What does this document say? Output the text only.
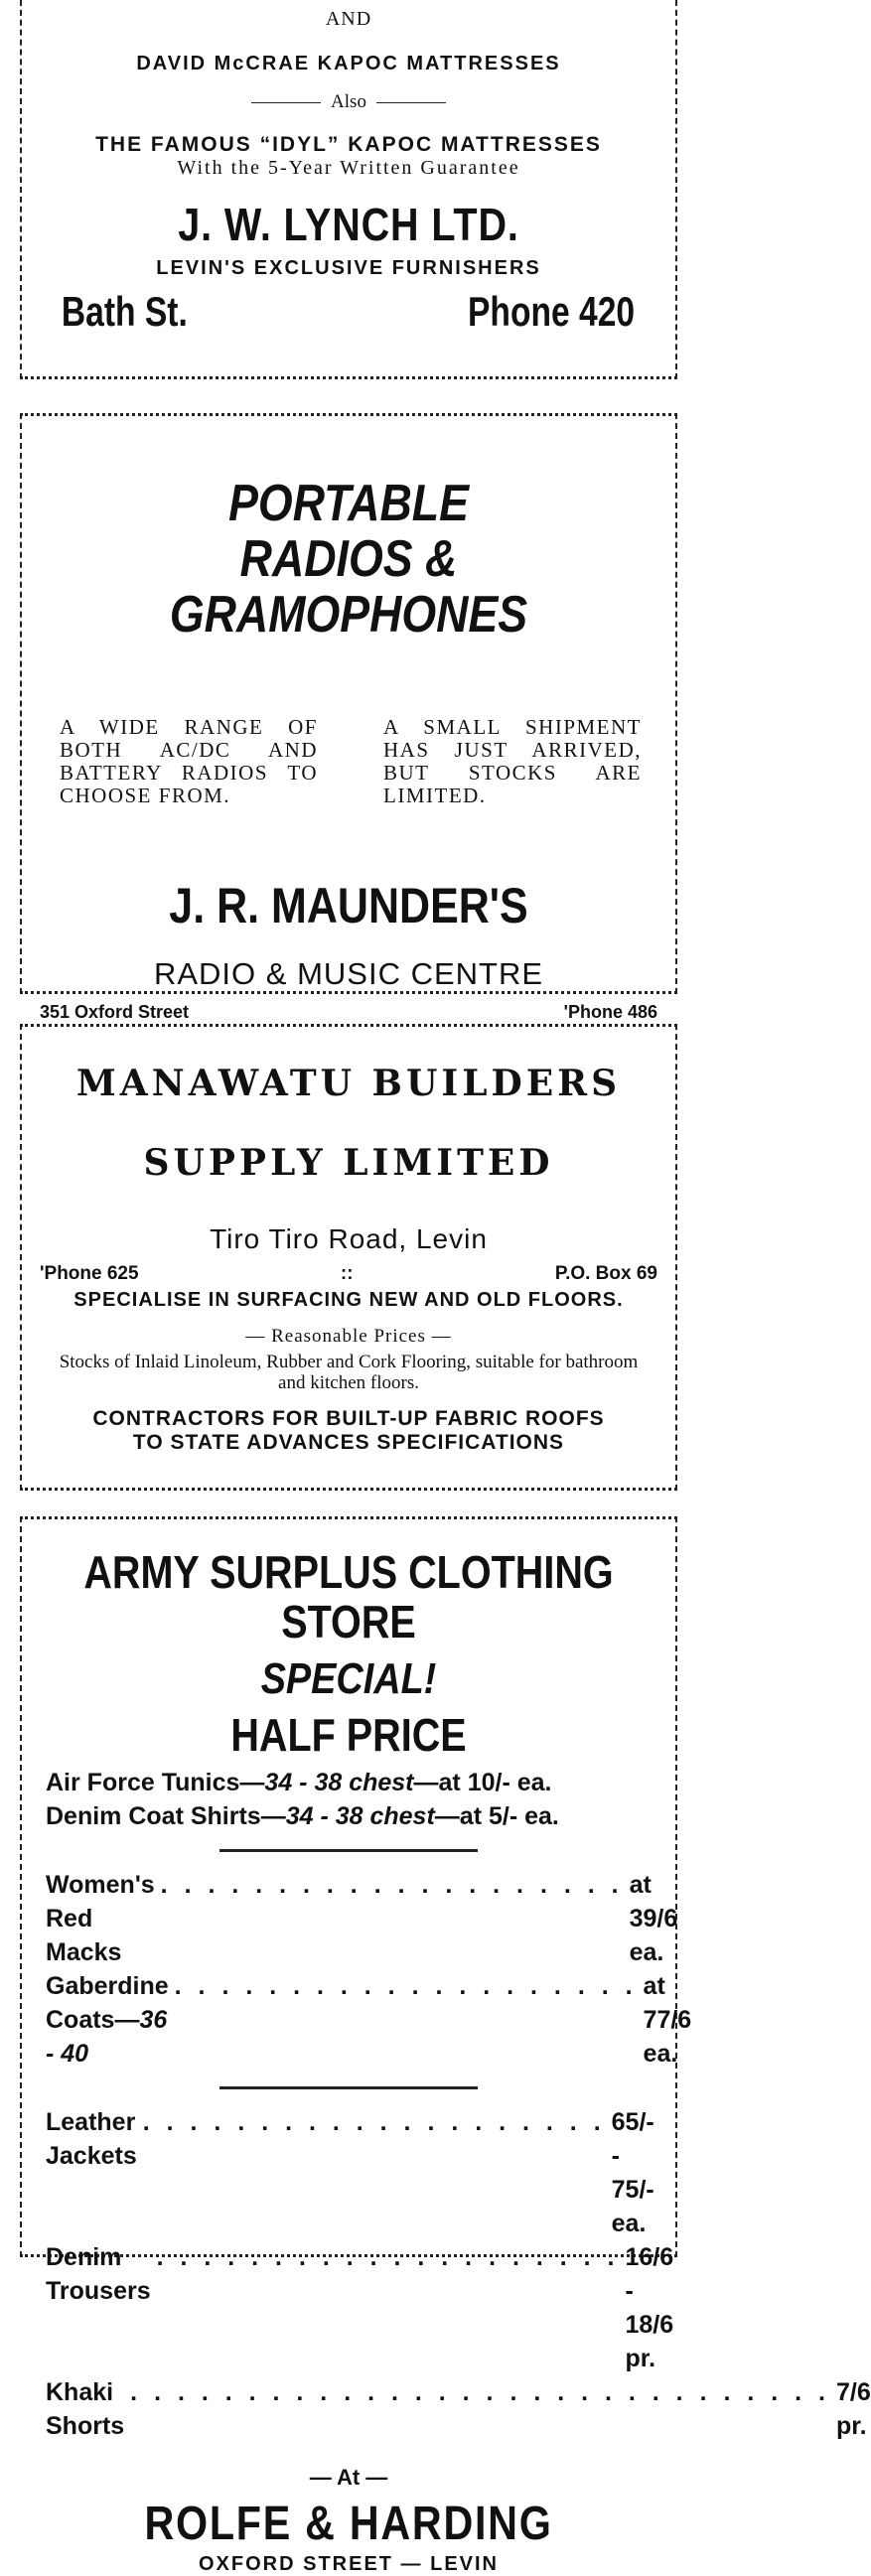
AND
DAVID McCRAE KAPOC MATTRESSES
Also
THE FAMOUS “IDYL” KAPOC MATTRESSES
With the 5-Year Written Guarantee
J. W. LYNCH LTD.
LEVIN'S EXCLUSIVE FURNISHERS
Bath St.	Phone 420
PORTABLE
RADIOS & GRAMOPHONES
A WIDE RANGE OF BOTH AC/DC AND BATTERY RADIOS TO CHOOSE FROM.
A SMALL SHIPMENT HAS JUST ARRIVED, BUT STOCKS ARE LIMITED.
J. R. MAUNDER'S
RADIO & MUSIC CENTRE
351 Oxford Street	'Phone 486
MANAWATU BUILDERS
SUPPLY LIMITED
Tiro Tiro Road, Levin
'Phone 625	::	P.O. Box 69
SPECIALISE IN SURFACING NEW AND OLD FLOORS.
— Reasonable Prices —
Stocks of Inlaid Linoleum, Rubber and Cork Flooring, suitable for bathroom and kitchen floors.
CONTRACTORS FOR BUILT-UP FABRIC ROOFS
TO STATE ADVANCES SPECIFICATIONS
ARMY SURPLUS CLOTHING
STORE
SPECIAL!
HALF PRICE
Air Force Tunics— 34 - 38 chest —at 10/- ea.
Denim Coat Shirts— 34 - 38 chest —at 5/- ea.
Women's Red Macks
. . . . . . . . . . . . . . . . . . . . at 39/6 ea.
Gaberdine Coats—36 - 40
. . . . . . . . . . . . . . . . . . . . at 77/6 ea.
Leather Jackets
. . . . . . . . . . . . . . . . . . . . 65/- - 75/- ea.
Denim Trousers
. . . . . . . . . . . . . . . . . . . . 16/6 - 18/6 pr.
Khaki Shorts
. . . . . . . . . . . . . . . . . . . . . . . . . . . . . . 7/6 pr.
— At —
ROLFE & HARDING
OXFORD STREET — LEVIN
